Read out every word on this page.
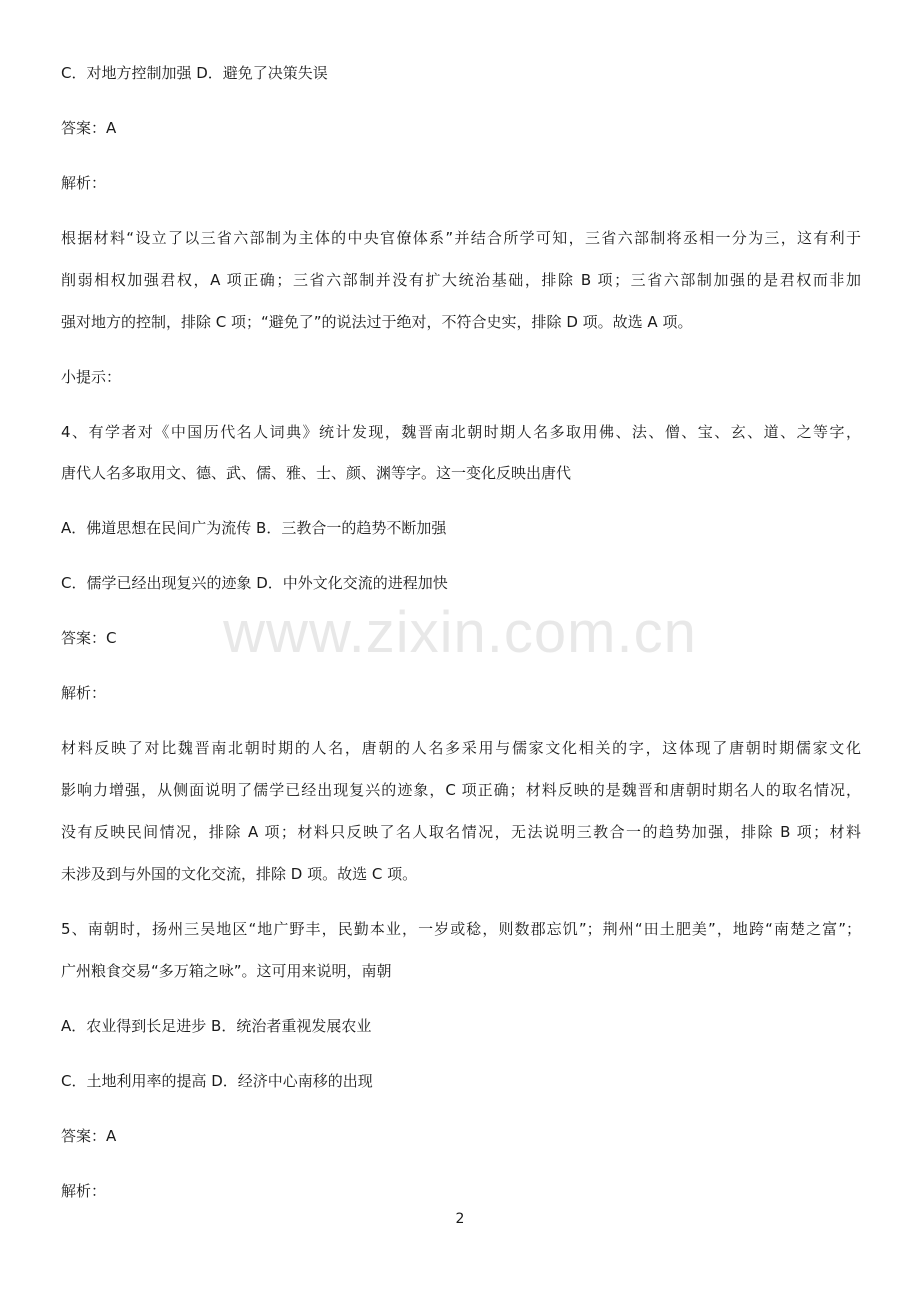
C．对地方控制加强 D．避免了决策失误
答案：A
解析：
根据材料“设立了以三省六部制为主体的中央官僚体系”并结合所学可知，三省六部制将丞相一分为三，这有利于
削弱相权加强君权，A 项正确；三省六部制并没有扩大统治基础，排除 B 项；三省六部制加强的是君权而非加
强对地方的控制，排除 C 项；“避免了”的说法过于绝对，不符合史实，排除 D 项。故选 A 项。
小提示：
4、有学者对《中国历代名人词典》统计发现，魏晋南北朝时期人名多取用佛、法、僧、宝、玄、道、之等字，
唐代人名多取用文、德、武、儒、雅、士、颜、渊等字。这一变化反映出唐代
A．佛道思想在民间广为流传 B．三教合一的趋势不断加强
C．儒学已经出现复兴的迹象 D．中外文化交流的进程加快
答案：C
解析：
材料反映了对比魏晋南北朝时期的人名，唐朝的人名多采用与儒家文化相关的字，这体现了唐朝时期儒家文化
影响力增强，从侧面说明了儒学已经出现复兴的迹象，C 项正确；材料反映的是魏晋和唐朝时期名人的取名情况，
没有反映民间情况，排除 A 项；材料只反映了名人取名情况，无法说明三教合一的趋势加强，排除 B 项；材料
未涉及到与外国的文化交流，排除 D 项。故选 C 项。
5、南朝时，扬州三吴地区“地广野丰，民勤本业，一岁或稔，则数郡忘饥”；荆州“田土肥美”，地跨“南楚之富”；
广州粮食交易“多万箱之咏”。这可用来说明，南朝
A．农业得到长足进步 B．统治者重视发展农业
C．土地利用率的提高 D．经济中心南移的出现
答案：A
解析：
www.zixin.com.cn
2
